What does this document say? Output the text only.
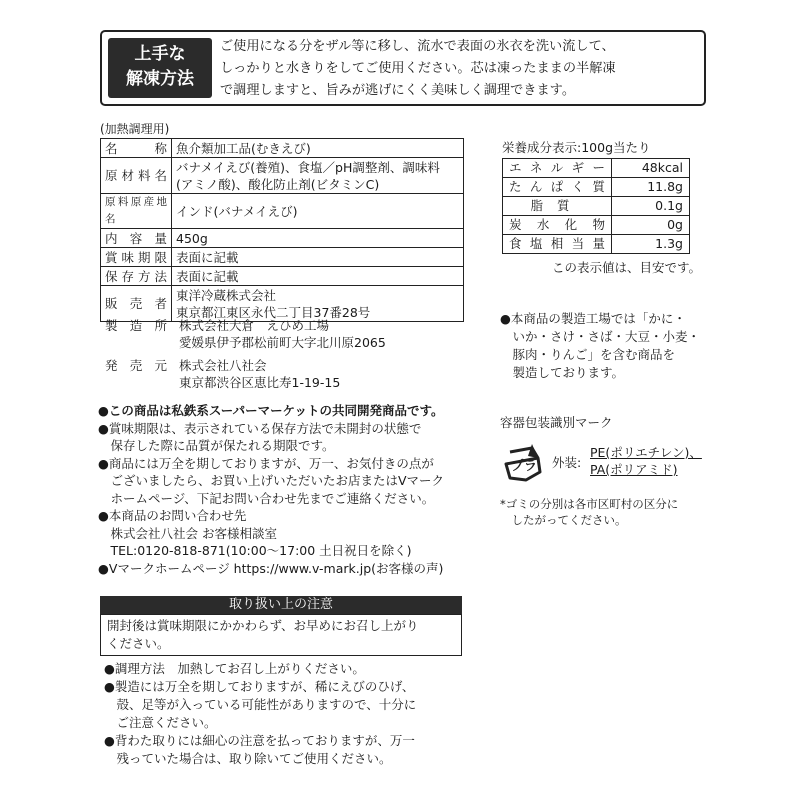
上手な
解凍方法
ご使用になる分をザル等に移し、流水で表面の氷衣を洗い流して、
しっかりと水きりをしてご使用ください。芯は凍ったままの半解凍
で調理しますと、旨みが逃げにくく美味しく調理できます。
(加熱調理用)
名　称	魚介類加工品(むきえび)
原材料名	バナメイえび(養殖)、食塩／pH調整剤、調味料
(アミノ酸)、酸化防止剤(ビタミンC)

原料原産地名	インド(バナメイえび)
内容量	450g
賞味期限	表面に記載
保存方法	表面に記載
販売者	東洋冷蔵株式会社
東京都江東区永代二丁目37番28号
製造所 株式会社大倉　えひめ工場
愛媛県伊予郡松前町大字北川原2065
発売元 株式会社八社会
東京都渋谷区恵比寿1-19-15

●この商品は私鉄系スーパーマーケットの共同開発商品です。

●賞味期限は、表示されている保存方法で未開封の状態で

　保存した際に品質が保たれる期限です。

●商品には万全を期しておりますが、万一、お気付きの点が

　ございましたら、お買い上げいただいたお店またはVマーク

　ホームページ、下記お問い合わせ先までご連絡ください。

●本商品のお問い合わせ先

　株式会社八社会 お客様相談室

　TEL:0120-818-871(10:00〜17:00 土日祝日を除く)

●Vマークホームページ https://www.v-mark.jp(お客様の声)

取り扱い上の注意
開封後は賞味期限にかかわらず、お早めにお召し上がり
ください。

●調理方法　加熱してお召し上がりください。

●製造には万全を期しておりますが、稀にえびのひげ、

　殻、足等が入っている可能性がありますので、十分に

　ご注意ください。

●背わた取りには細心の注意を払っておりますが、万一

　残っていた場合は、取り除いてご使用ください。

栄養成分表示:100g当たり
エネルギー	48kcal
たんぱく質	11.8g
脂質	0.1g
炭水化物	0g
食塩相当量	1.3g
この表示値は、目安です。

●本商品の製造工場では「かに・

　いか・さけ・さば・大豆・小麦・

　豚肉・りんご」を含む商品を

　製造しております。

容器包装識別マーク
プラ 外装:
PE(ポリエチレン)、
PA(ポリアミド)
*ゴミの分別は各市区町村の区分に
　したがってください。
